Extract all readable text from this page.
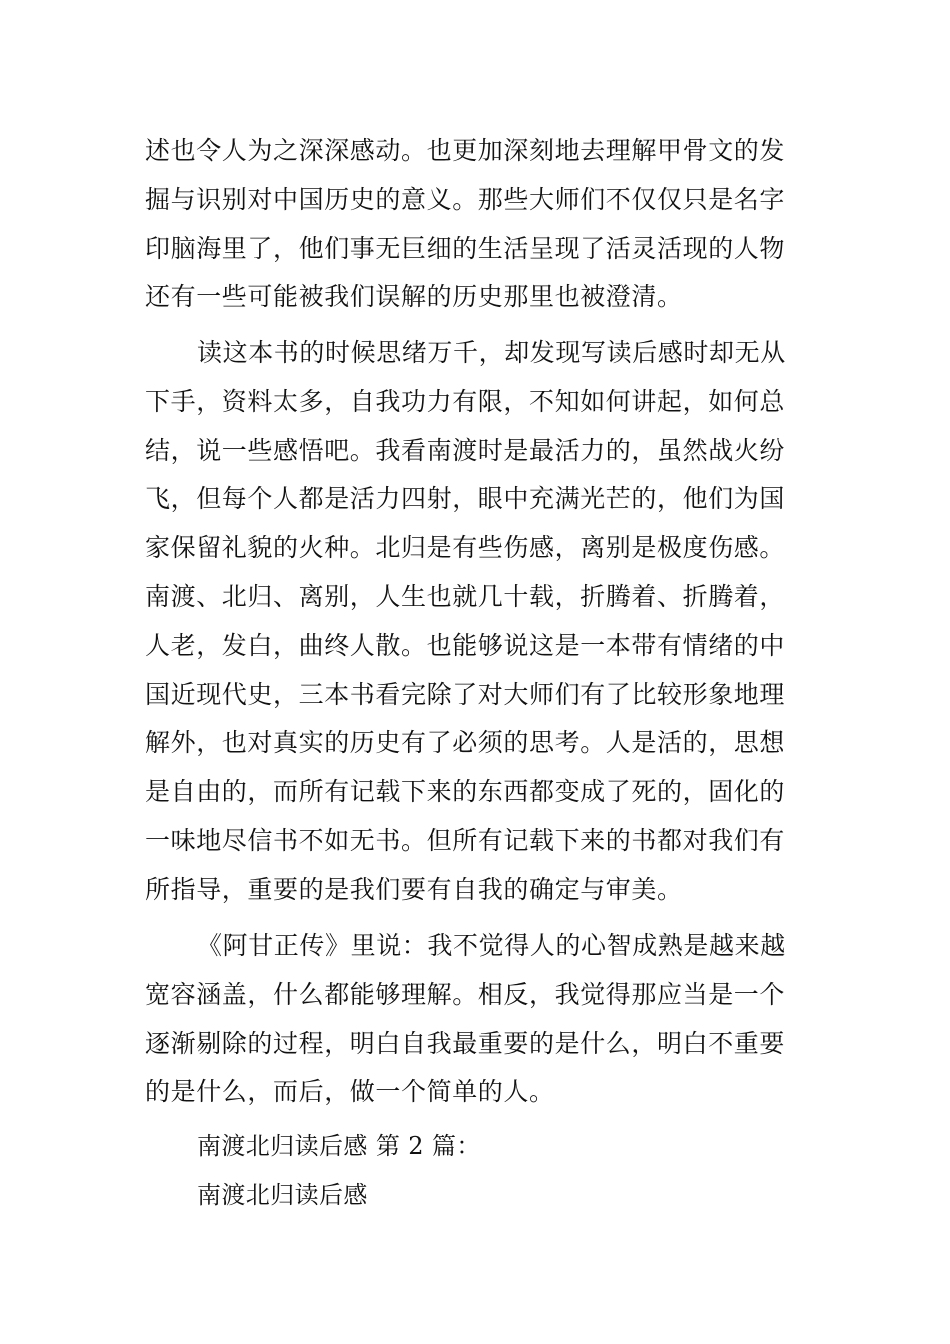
述也令人为之深深感动。也更加深刻地去理解甲骨文的发
掘与识别对中国历史的意义。那些大师们不仅仅只是名字
印脑海里了，他们事无巨细的生活呈现了活灵活现的人物
还有一些可能被我们误解的历史那里也被澄清。
读这本书的时候思绪万千，却发现写读后感时却无从
下手，资料太多，自我功力有限，不知如何讲起，如何总
结，说一些感悟吧。我看南渡时是最活力的，虽然战火纷
飞，但每个人都是活力四射，眼中充满光芒的，他们为国
家保留礼貌的火种。北归是有些伤感，离别是极度伤感。
南渡、北归、离别，人生也就几十载，折腾着、折腾着，
人老，发白，曲终人散。也能够说这是一本带有情绪的中
国近现代史，三本书看完除了对大师们有了比较形象地理
解外，也对真实的历史有了必须的思考。人是活的，思想
是自由的，而所有记载下来的东西都变成了死的，固化的
一味地尽信书不如无书。但所有记载下来的书都对我们有
所指导，重要的是我们要有自我的确定与审美。
《阿甘正传》里说：我不觉得人的心智成熟是越来越
宽容涵盖，什么都能够理解。相反，我觉得那应当是一个
逐渐剔除的过程，明白自我最重要的是什么，明白不重要
的是什么，而后，做一个简单的人。
南渡北归读后感 第 2 篇：
南渡北归读后感
